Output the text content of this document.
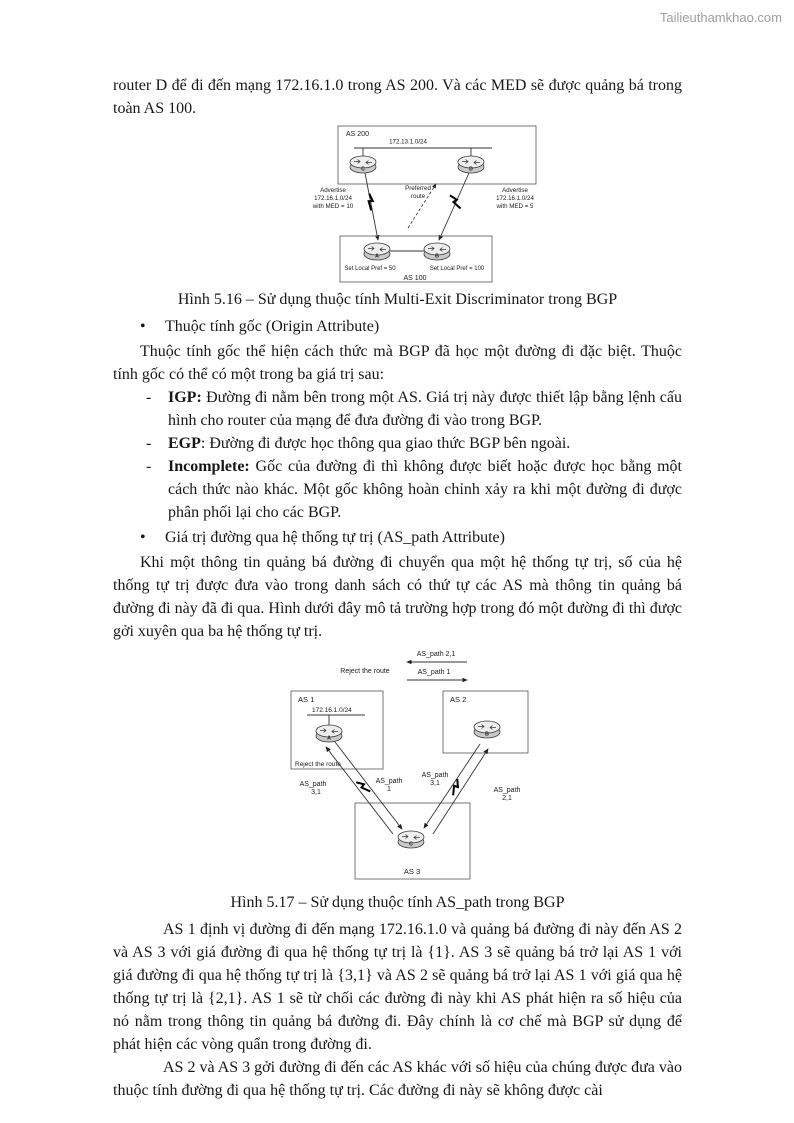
Tailieuthamkhao.com

router D để đi đến mạng 172.16.1.0 trong AS 200. Và các MED sẽ được quảng bá trong toàn AS 100.

AS 200
172.13.1.0/24
C	D
Preferred
route
Advertise
172.16.1.0/24
with MED = 10
Advertise
172.16.1.0/24
with MED = 5
A	B
Set Local Pref = 50	Set Local Pref = 100
AS 100

Hình 5.16 – Sử dụng thuộc tính Multi-Exit Discriminator trong BGP

• Thuộc tính gốc (Origin Attribute)

Thuộc tính gốc thể hiện cách thức mà BGP đã học một đường đi đặc biệt. Thuộc tính gốc có thể có một trong ba giá trị sau:

- IGP: Đường đi nằm bên trong một AS. Giá trị này được thiết lập bằng lệnh cấu hình cho router của mạng để đưa đường đi vào trong BGP.
- EGP: Đường đi được học thông qua giao thức BGP bên ngoài.
- Incomplete: Gốc của đường đi thì không được biết hoặc được học bằng một cách thức nào khác. Một gốc không hoàn chỉnh xảy ra khi một đường đi được phân phối lại cho các BGP.
• Giá trị đường qua hệ thống tự trị (AS_path Attribute)

Khi một thông tin quảng bá đường đi chuyển qua một hệ thống tự trị, số của hệ thống tự trị được đưa vào trong danh sách có thứ tự các AS mà thông tin quảng bá đường đi này đã đi qua. Hình dưới đây mô tả trường hợp trong đó một đường đi thì được gởi xuyên qua ba hệ thống tự trị.

AS_path 2,1
Reject the route	AS_path 1
AS 1
172.16.1.0/24
A
Reject the route
AS 2
B
C
AS 3
AS_path
3,1
AS_path
1
AS_path
3,1
AS_path
2,1

Hình 5.17 – Sử dụng thuộc tính AS_path trong BGP

AS 1 định vị đường đi đến mạng 172.16.1.0 và quảng bá đường đi này đến AS 2 và AS 3 với giá đường đi qua hệ thống tự trị là {1}. AS 3 sẽ quảng bá trở lại AS 1 với giá đường đi qua hệ thống tự trị là {3,1} và AS 2 sẽ quảng bá trở lại AS 1 với giá qua hệ thống tự trị là {2,1}. AS 1 sẽ từ chối các đường đi này khi AS phát hiện ra số hiệu của nó nằm trong thông tin quảng bá đường đi. Đây chính là cơ chế mà BGP sử dụng để phát hiện các vòng quẩn trong đường đi.

AS 2 và AS 3 gởi đường đi đến các AS khác với số hiệu của chúng được đưa vào thuộc tính đường đi qua hệ thống tự trị. Các đường đi này sẽ không được cài
